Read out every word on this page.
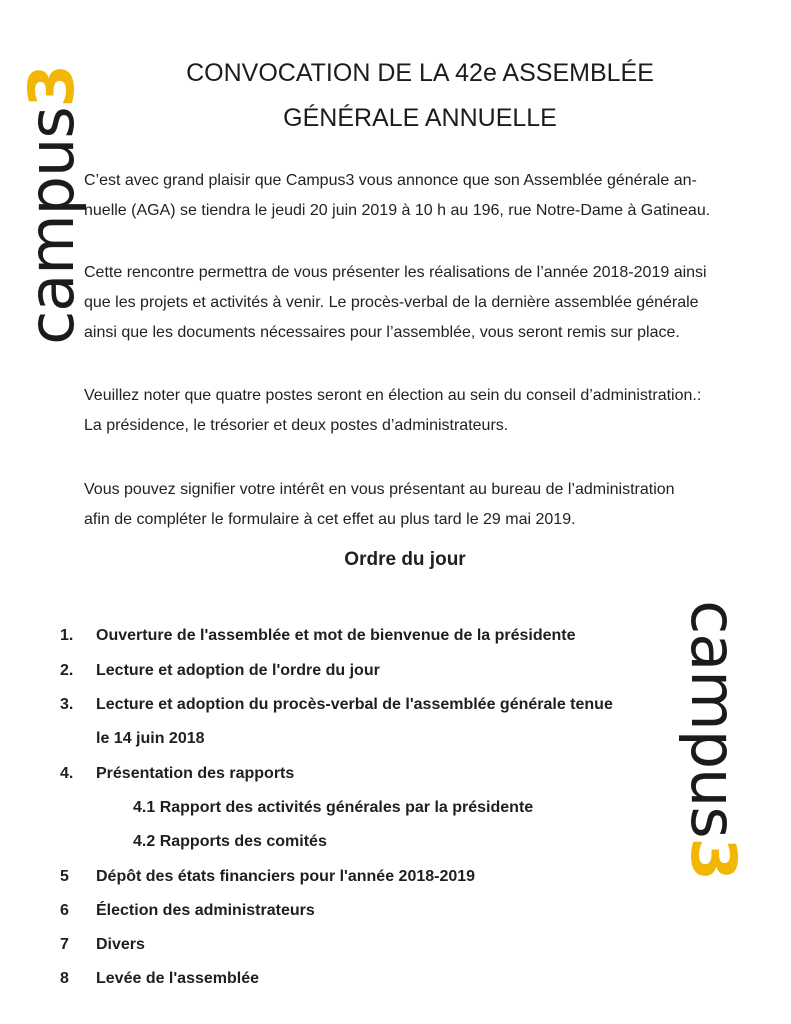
campus3
campus3
CONVOCATION DE LA 42e ASSEMBLÉE
GÉNÉRALE ANNUELLE

C’est avec grand plaisir que Campus3 vous annonce que son Assemblée générale an-
nuelle (AGA) se tiendra le jeudi 20 juin 2019 à 10 h au 196, rue Notre-Dame à Gatineau.

Cette rencontre permettra de vous présenter les réalisations de l’année 2018-2019 ainsi
que les projets et activités à venir. Le procès-verbal de la dernière assemblée générale
ainsi que les documents nécessaires pour l’assemblée, vous seront remis sur place.

Veuillez noter que quatre postes seront en élection au sein du conseil d’administration.:
La présidence, le trésorier et deux postes d’administrateurs.

Vous pouvez signifier votre intérêt en vous présentant au bureau de l’administration
afin de compléter le formulaire à cet effet au plus tard le 29 mai 2019.

Ordre du jour
1. Ouverture de l'assemblée et mot de bienvenue de la présidente
2. Lecture et adoption de l'ordre du jour
3. Lecture et adoption du procès-verbal de l'assemblée générale tenue
le 14 juin 2018
4. Présentation des rapports
4.1 Rapport des activités générales par la présidente
4.2 Rapports des comités
5 Dépôt des états financiers pour l'année 2018-2019
6 Élection des administrateurs
7 Divers
8 Levée de l'assemblée
